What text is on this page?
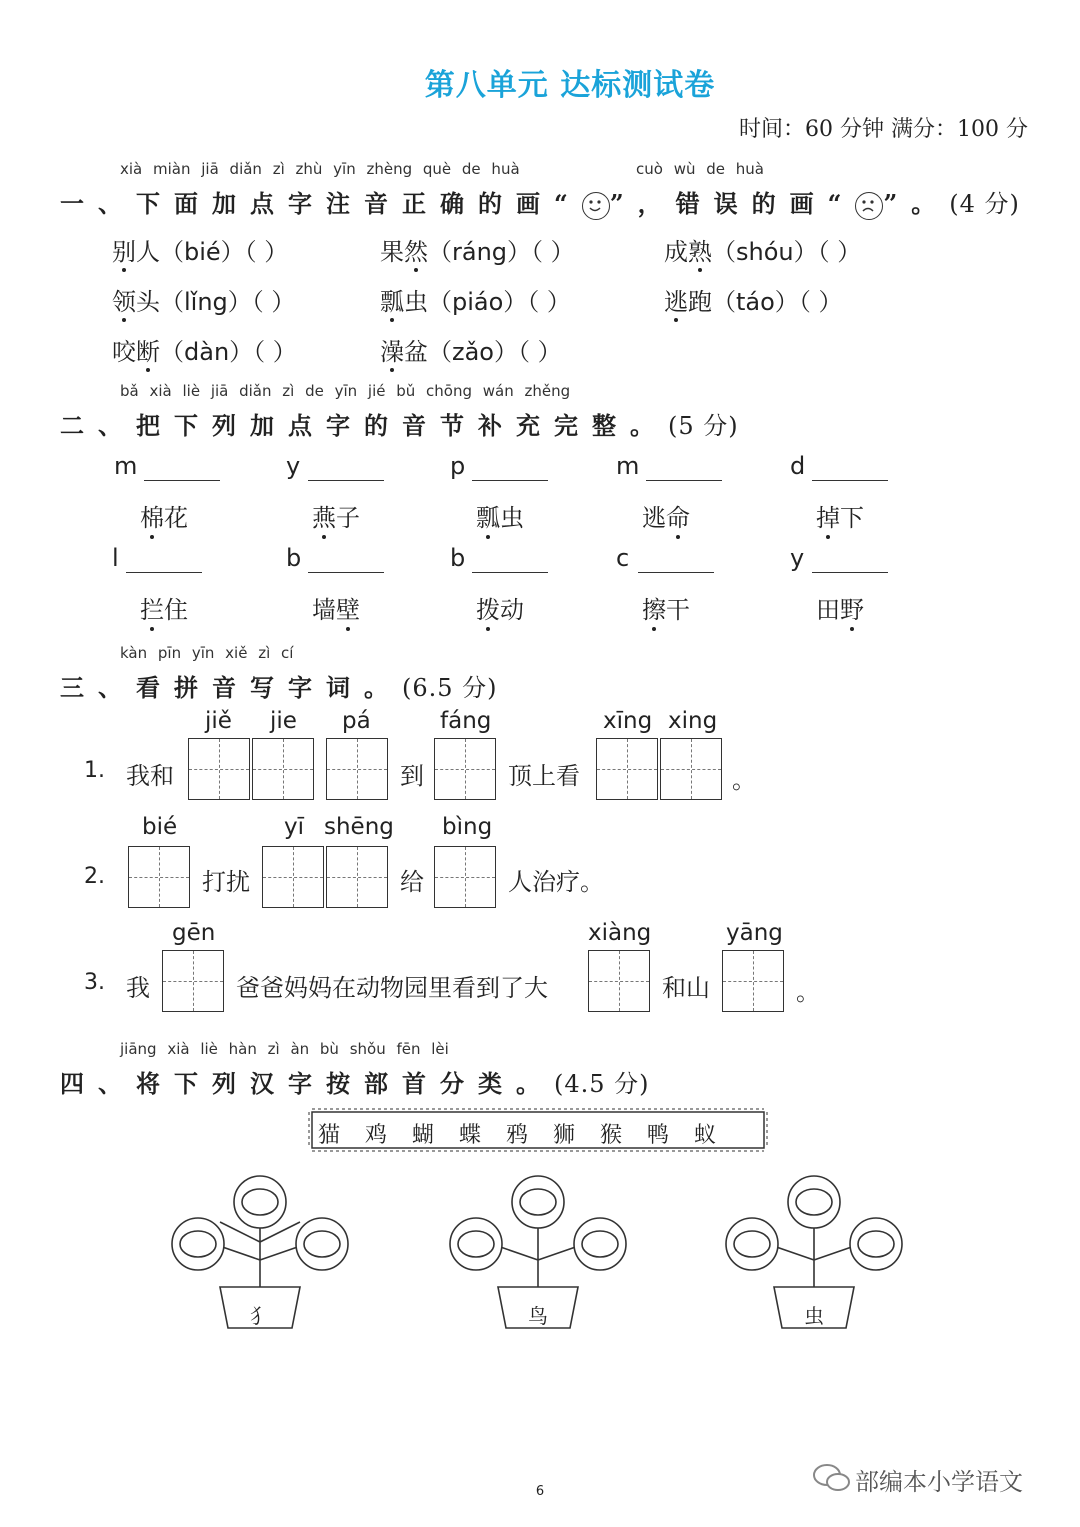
第八单元 达标测试卷
时间：60 分钟 满分：100 分
xià miàn jiā diǎn zì zhù yīn zhèng què de huà	cuò wù de huà
一、下面加点字注音正确的画“ ”，错误的画“ ”。(4 分)
别人（bié）（ ）	果然（ráng）（ ）	成熟（shóu）（ ）
领头（lǐng）（ ）	瓢虫（piáo）（ ）	逃跑（táo）（ ）
咬断（dàn）（ ）	澡盆（zǎo）（ ）
bǎ xià liè jiā diǎn zì de yīn jié bǔ chōng wán zhěng
二、把下列加点字的音节补充完整。(5 分)
m	y	p	m	d
棉花	燕子	瓢虫	逃命	掉下
l	b	b	c	y
拦住	墙壁	拨动	擦干	田野
kàn pīn yīn xiě zì cí
三、看拼音写字词。(6.5 分)
jiě jie pá	fáng	xīng xing
1. 我和	到	顶上看	。
bié	yī shēng bìng
2.	打扰	给	人治疗。
gēn	xiàng	yāng
3. 我	爸爸妈妈在动物园里看到了大	和山	。
jiāng xià liè hàn zì àn bù shǒu fēn lèi
四、将下列汉字按部首分类。(4.5 分)
猫 鸡 蝴 蝶 鸦 狮 猴 鸭 蚁
犭	鸟	虫
6	部编本小学语文
